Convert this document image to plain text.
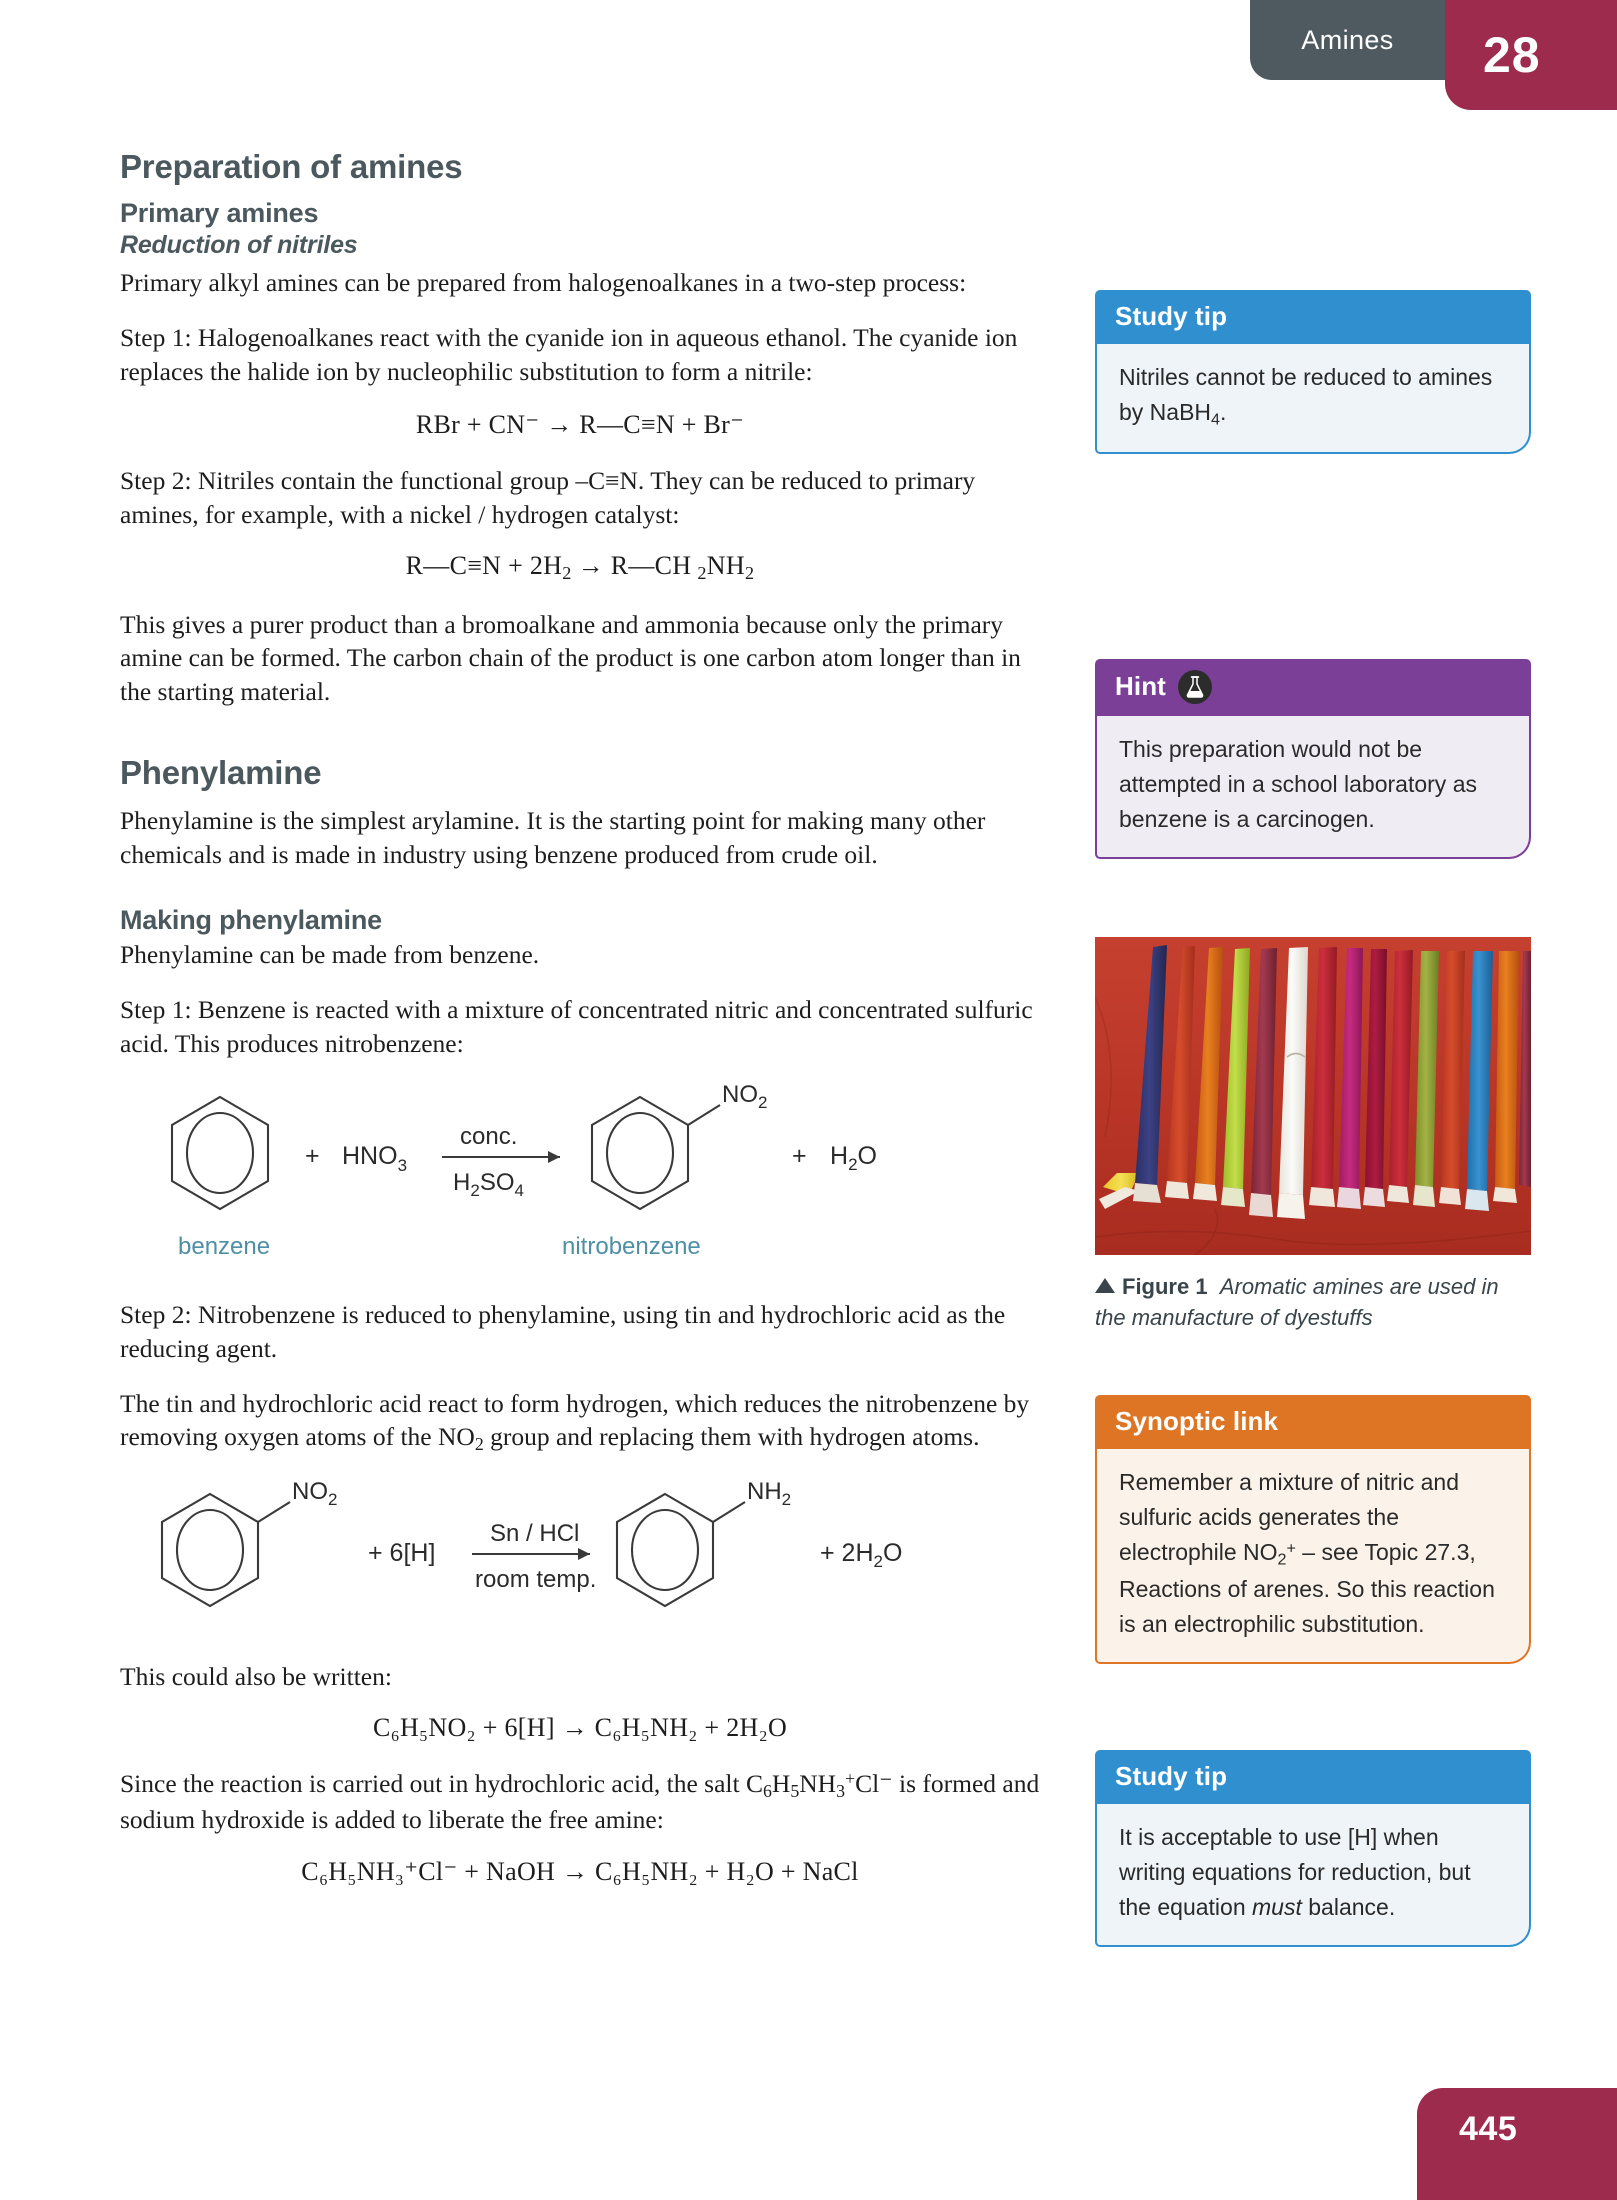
Amines 28
Preparation of amines
Primary amines
Reduction of nitriles

Primary alkyl amines can be prepared from halogenoalkanes in a two-step process:

Step 1: Halogenoalkanes react with the cyanide ion in aqueous ethanol. The cyanide ion replaces the halide ion by nucleophilic substitution to form a nitrile:

RBr + CN⁻ → R—C≡N + Br⁻

Step 2: Nitriles contain the functional group –C≡N. They can be reduced to primary amines, for example, with a nickel / hydrogen catalyst:

R—C≡N + $2H_2$ → R—CH $_2NH_2$

This gives a purer product than a bromoalkane and ammonia because only the primary amine can be formed. The carbon chain of the product is one carbon atom longer than in the starting material.

Phenylamine

Phenylamine is the simplest arylamine. It is the starting point for making many other chemicals and is made in industry using benzene produced from crude oil.

Making phenylamine

Phenylamine can be made from benzene.

Step 1: Benzene is reacted with a mixture of concentrated nitric and concentrated sulfuric acid. This produces nitrobenzene:

+ $HNO_3$
conc.
$H_2SO_4$
$NO_2$
+ $H_2O$
benzene	nitrobenzene

Step 2: Nitrobenzene is reduced to phenylamine, using tin and hydrochloric acid as the reducing agent.

The tin and hydrochloric acid react to form hydrogen, which reduces the nitrobenzene by removing oxygen atoms of the $NO_2$ group and replacing them with hydrogen atoms.

$NO_2$
+ 6[H]
Sn / HCl
room temp.
$NH_2$
+ $2H_2O$

This could also be written:

C₆H₅NO₂ + 6[H] → C₆H₅NH₂ + 2H₂O

Since the reaction is carried out in hydrochloric acid, the salt $C_6H_5NH_3^+Cl^-$ is formed and sodium hydroxide is added to liberate the free amine:

C₆H₅NH₃⁺Cl⁻ + NaOH → C₆H₅NH₂ + H₂O + NaCl
Study tip
Nitriles cannot be reduced to amines by NaBH$_4$.
Hint
This preparation would not be attempted in a school laboratory as benzene is a carcinogen.
Figure 1 Aromatic amines are used in the manufacture of dyestuffs
Synoptic link
Remember a mixture of nitric and sulfuric acids generates the electrophile $NO_2^+$ – see Topic 27.3, Reactions of arenes. So this reaction is an electrophilic substitution.
Study tip
It is acceptable to use [H] when writing equations for reduction, but the equation must balance.
445
